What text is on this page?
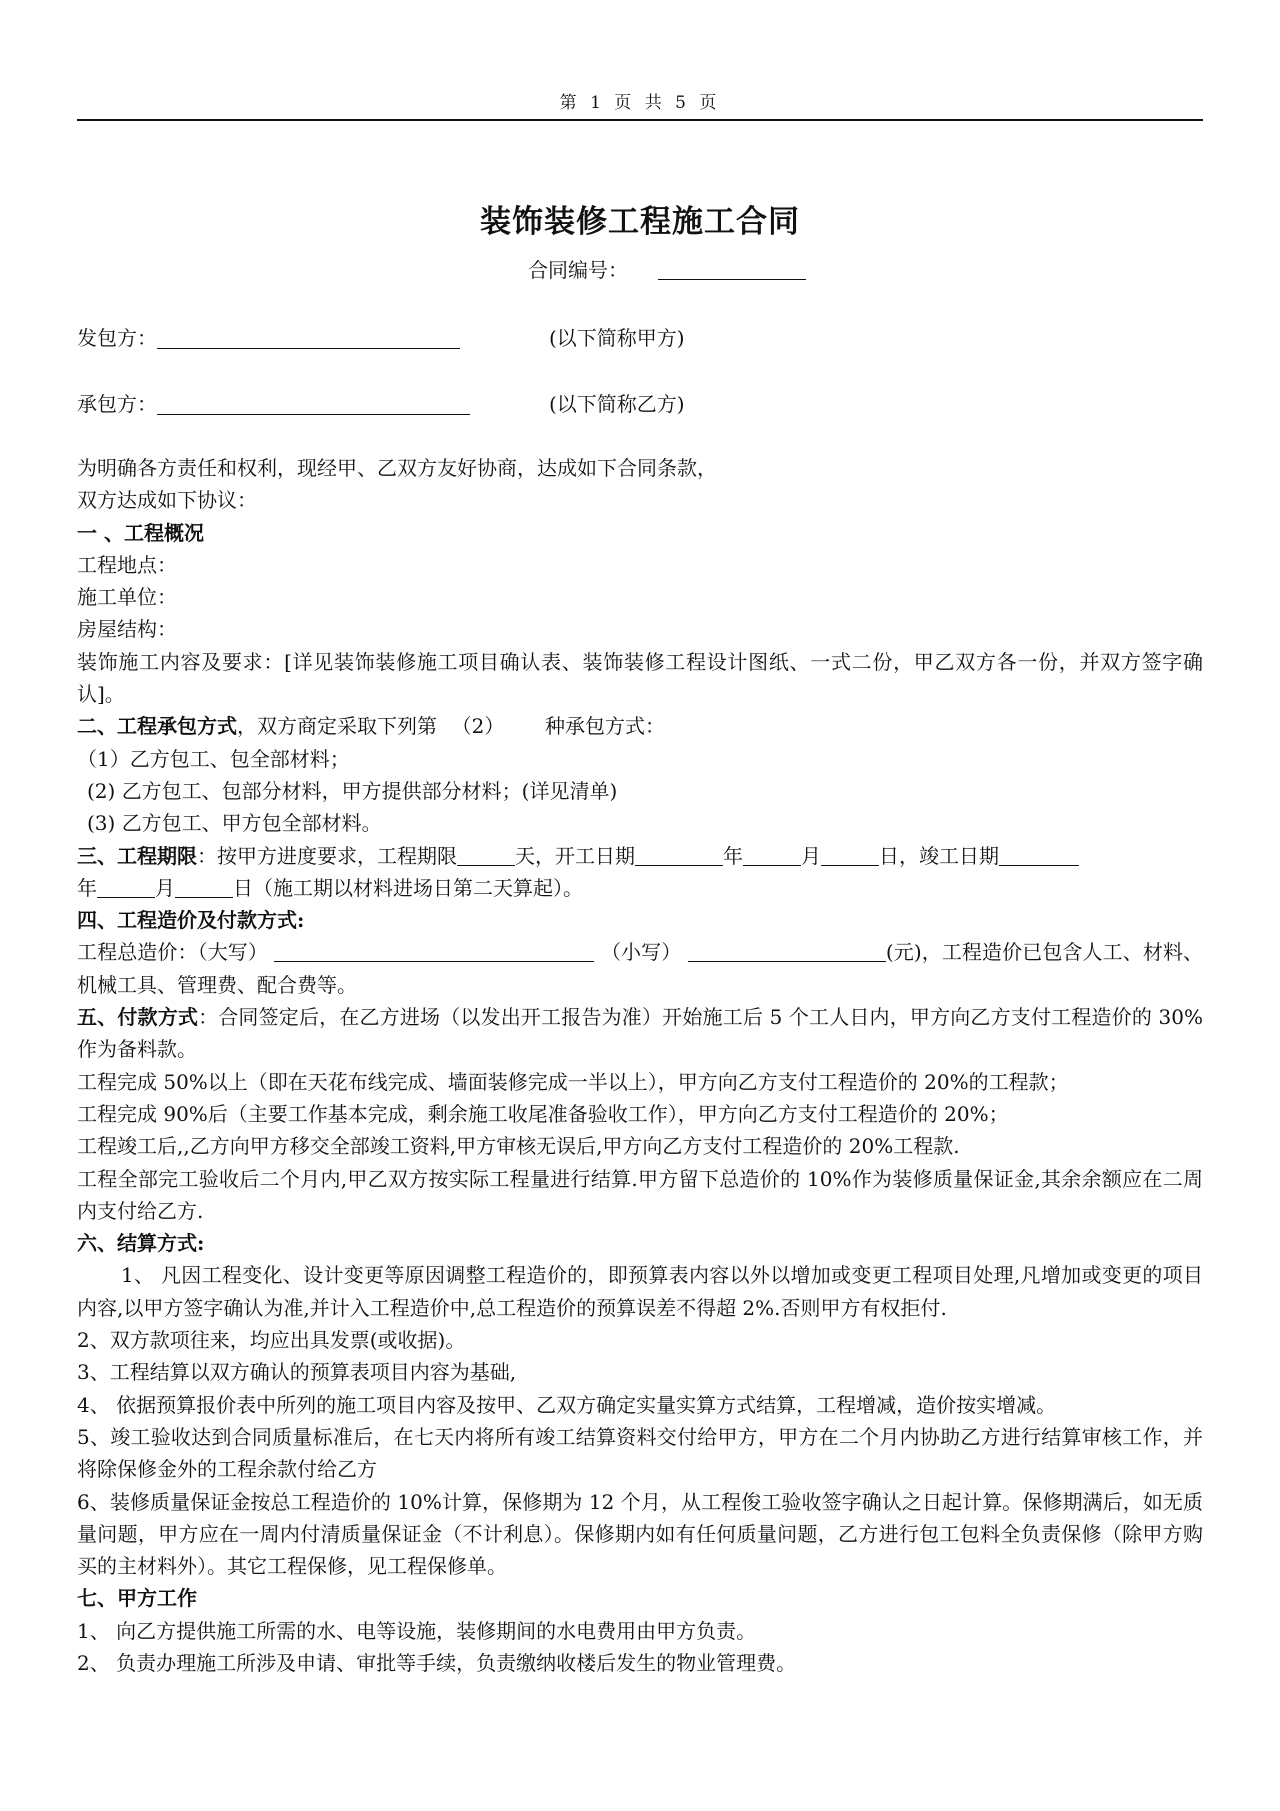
第 1 页 共 5 页
装饰装修工程施工合同
合同编号：
发包方：	(以下简称甲方)
承包方：	(以下简称乙方)

为明确各方责任和权利，现经甲、乙双方友好协商，达成如下合同条款，

双方达成如下协议：

一 、工程概况

工程地点：

施工单位：

房屋结构：

装饰施工内容及要求：[详见装饰装修施工项目确认表、装饰装修工程设计图纸、一式二份，甲乙双方各一份，并双方签字确认]。

二、工程承包方式，双方商定采取下列第 （2） 种承包方式：

（1）乙方包工、包全部材料；

(2) 乙方包工、包部分材料，甲方提供部分材料；(详见清单)

(3) 乙方包工、甲方包全部材料。

三、工程期限：按甲方进度要求，工程期限	天，开工日期	年	月	日，竣工日期

年	月	日（施工期以材料进场日第二天算起）。

四、工程造价及付款方式:

工程总造价：（大写）	（小写）	(元)，工程造价已包含人工、材料、机械工具、管理费、配合费等。

五、付款方式：合同签定后，在乙方进场（以发出开工报告为准）开始施工后 5 个工人日内，甲方向乙方支付工程造价的 30%作为备料款。

工程完成 50%以上（即在天花布线完成、墙面装修完成一半以上），甲方向乙方支付工程造价的 20%的工程款；

工程完成 90%后（主要工作基本完成，剩余施工收尾准备验收工作），甲方向乙方支付工程造价的 20%；

工程竣工后,,乙方向甲方移交全部竣工资料,甲方审核无误后,甲方向乙方支付工程造价的 20%工程款.

工程全部完工验收后二个月内,甲乙双方按实际工程量进行结算.甲方留下总造价的 10%作为装修质量保证金,其余余额应在二周内支付给乙方.

六、结算方式:

1、 凡因工程变化、设计变更等原因调整工程造价的，即预算表内容以外以增加或变更工程项目处理,凡增加或变更的项目内容,以甲方签字确认为准,并计入工程造价中,总工程造价的预算误差不得超 2%.否则甲方有权拒付.

2、双方款项往来，均应出具发票(或收据)。

3、工程结算以双方确认的预算表项目内容为基础,

4、 依据预算报价表中所列的施工项目内容及按甲、乙双方确定实量实算方式结算，工程增减，造价按实增减。

5、竣工验收达到合同质量标准后，在七天内将所有竣工结算资料交付给甲方，甲方在二个月内协助乙方进行结算审核工作，并将除保修金外的工程余款付给乙方

6、装修质量保证金按总工程造价的 10%计算，保修期为 12 个月，从工程俊工验收签字确认之日起计算。保修期满后，如无质量问题，甲方应在一周内付清质量保证金（不计利息）。保修期内如有任何质量问题，乙方进行包工包料全负责保修（除甲方购买的主材料外）。其它工程保修，见工程保修单。

七、甲方工作

1、 向乙方提供施工所需的水、电等设施，装修期间的水电费用由甲方负责。

2、 负责办理施工所涉及申请、审批等手续，负责缴纳收楼后发生的物业管理费。
